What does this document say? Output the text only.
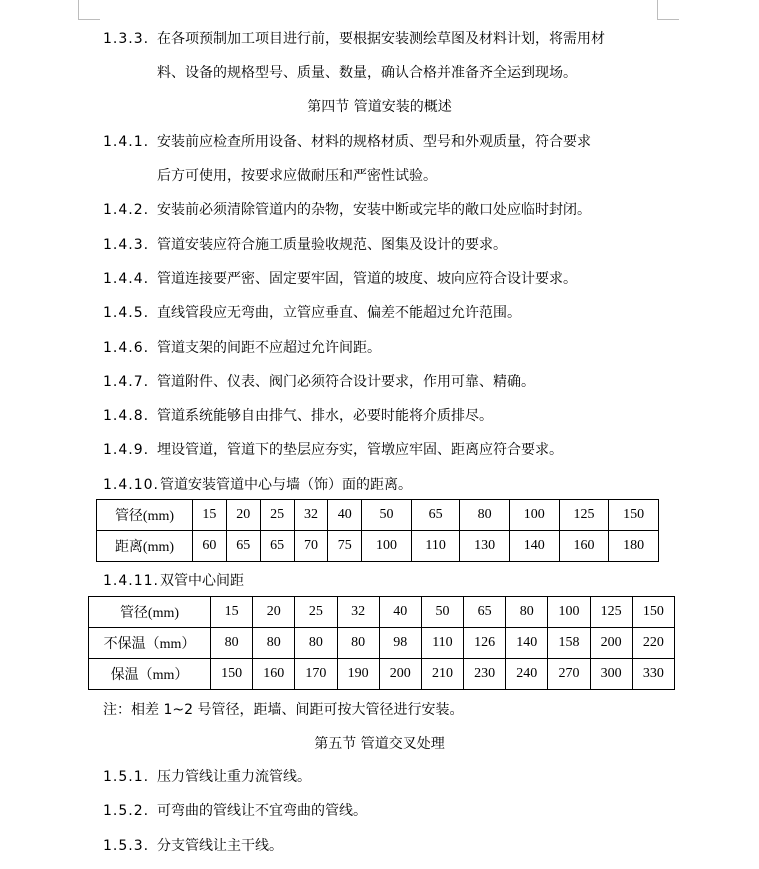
1.3.3. 在各项预制加工项目进行前，要根据安装测绘草图及材料计划，将需用材
料、设备的规格型号、质量、数量，确认合格并准备齐全运到现场。
第四节 管道安装的概述
1.4.1. 安装前应检查所用设备、材料的规格材质、型号和外观质量，符合要求
后方可使用，按要求应做耐压和严密性试验。
1.4.2. 安装前必须清除管道内的杂物，安装中断或完毕的敞口处应临时封闭。
1.4.3. 管道安装应符合施工质量验收规范、图集及设计的要求。
1.4.4. 管道连接要严密、固定要牢固，管道的坡度、坡向应符合设计要求。
1.4.5. 直线管段应无弯曲，立管应垂直、偏差不能超过允许范围。
1.4.6. 管道支架的间距不应超过允许间距。
1.4.7. 管道附件、仪表、阀门必须符合设计要求，作用可靠、精确。
1.4.8. 管道系统能够自由排气、排水，必要时能将介质排尽。
1.4.9. 埋设管道，管道下的垫层应夯实，管墩应牢固、距离应符合要求。
1.4.10. 管道安装管道中心与墙（饰）面的距离。
管径(mm)	15	20	25	32	40	50	65	80	100	125	150
距离(mm)	60	65	65	70	75	100	110	130	140	160	180
1.4.11. 双管中心间距
管径(mm)	15	20	25	32	40	50	65	80	100	125	150
不保温（mm）	80	80	80	80	98	110	126	140	158	200	220
保温（mm）	150	160	170	190	200	210	230	240	270	300	330
注：相差 1~2 号管径，距墙、间距可按大管径进行安装。
第五节 管道交叉处理
1.5.1. 压力管线让重力流管线。
1.5.2. 可弯曲的管线让不宜弯曲的管线。
1.5.3. 分支管线让主干线。
